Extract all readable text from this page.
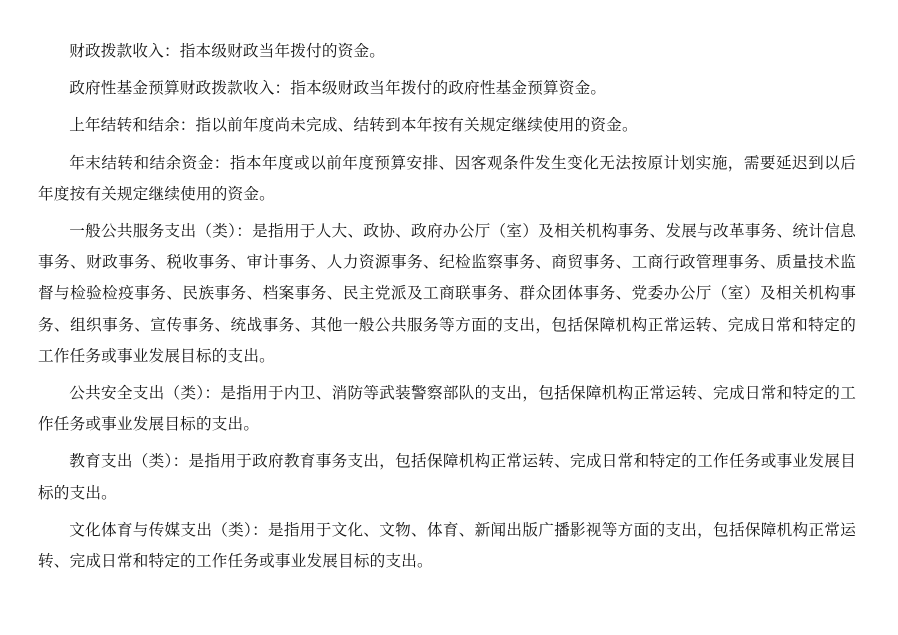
财政拨款收入：指本级财政当年拨付的资金。

政府性基金预算财政拨款收入：指本级财政当年拨付的政府性基金预算资金。

上年结转和结余：指以前年度尚未完成、结转到本年按有关规定继续使用的资金。

年末结转和结余资金：指本年度或以前年度预算安排、因客观条件发生变化无法按原计划实施，需要延迟到以后年度按有关规定继续使用的资金。

一般公共服务支出（类）：是指用于人大、政协、政府办公厅（室）及相关机构事务、发展与改革事务、统计信息事务、财政事务、税收事务、审计事务、人力资源事务、纪检监察事务、商贸事务、工商行政管理事务、质量技术监督与检验检疫事务、民族事务、档案事务、民主党派及工商联事务、群众团体事务、党委办公厅（室）及相关机构事务、组织事务、宣传事务、统战事务、其他一般公共服务等方面的支出，包括保障机构正常运转、完成日常和特定的工作任务或事业发展目标的支出。

公共安全支出（类）：是指用于内卫、消防等武装警察部队的支出，包括保障机构正常运转、完成日常和特定的工作任务或事业发展目标的支出。

教育支出（类）：是指用于政府教育事务支出，包括保障机构正常运转、完成日常和特定的工作任务或事业发展目标的支出。

文化体育与传媒支出（类）：是指用于文化、文物、体育、新闻出版广播影视等方面的支出，包括保障机构正常运转、完成日常和特定的工作任务或事业发展目标的支出。
